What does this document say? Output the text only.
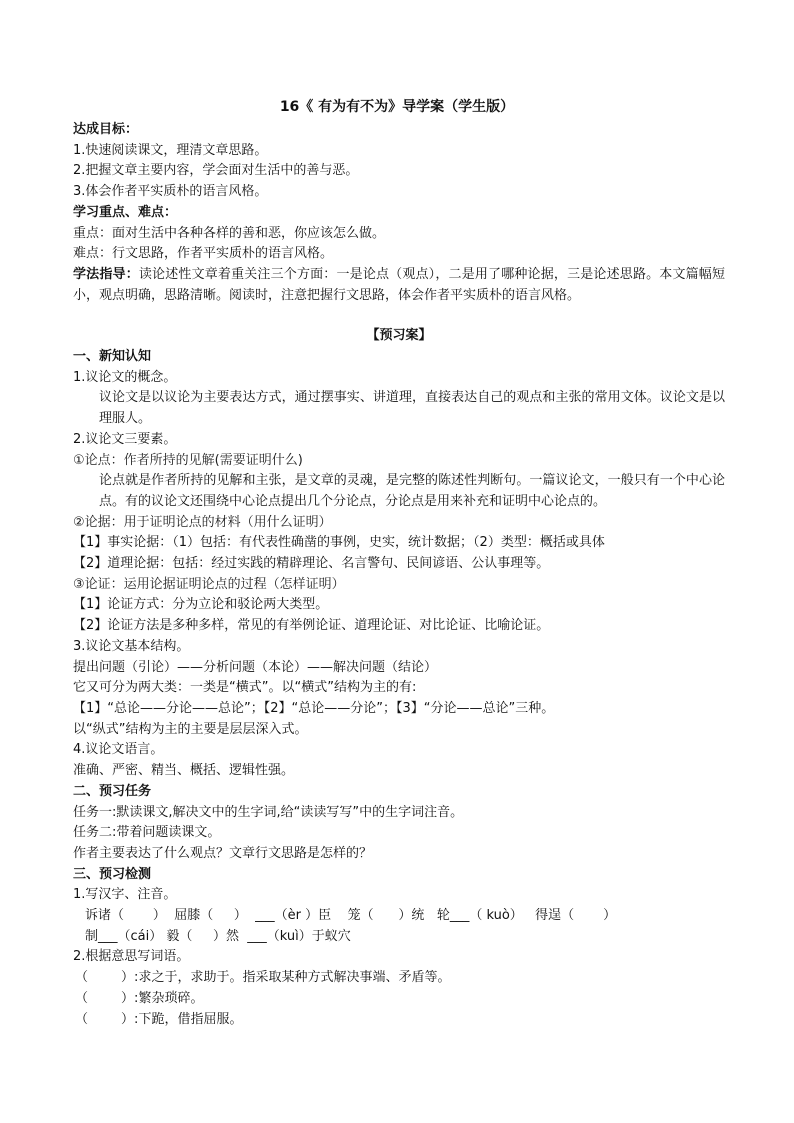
16《 有为有不为》导学案（学生版）
达成目标：
1.快速阅读课文，理清文章思路。
2.把握文章主要内容，学会面对生活中的善与恶。
3.体会作者平实质朴的语言风格。
学习重点、难点：
重点：面对生活中各种各样的善和恶，你应该怎么做。
难点：行文思路，作者平实质朴的语言风格。
学法指导：读论述性文章着重关注三个方面：一是论点（观点），二是用了哪种论据，三是论述思路。本文篇幅短小，观点明确，思路清晰。阅读时，注意把握行文思路，体会作者平实质朴的语言风格。
【预习案】
一、新知认知
1.议论文的概念。
议论文是以议论为主要表达方式，通过摆事实、讲道理，直接表达自己的观点和主张的常用文体。议论文是以理服人。
2.议论文三要素。
①论点：作者所持的见解(需要证明什么)
论点就是作者所持的见解和主张，是文章的灵魂，是完整的陈述性判断句。一篇议论文，一般只有一个中心论点。有的议论文还围绕中心论点提出几个分论点，分论点是用来补充和证明中心论点的。
②论据：用于证明论点的材料（用什么证明）
【1】事实论据：（1）包括：有代表性确凿的事例，史实，统计数据；（2）类型：概括或具体
【2】道理论据：包括：经过实践的精辟理论、名言警句、民间谚语、公认事理等。
③论证：运用论据证明论点的过程（怎样证明）
【1】论证方式：分为立论和驳论两大类型。
【2】论证方法是多种多样，常见的有举例论证、道理论证、对比论证、比喻论证。
3.议论文基本结构。
提出问题（引论）——分析问题（本论）——解决问题（结论）
它又可分为两大类：一类是“横式”。以“横式”结构为主的有:
【1】“总论——分论——总论”；【2】“总论——分论”；【3】“分论——总论”三种。
以“纵式”结构为主的主要是层层深入式。
4.议论文语言。
准确、严密、精当、概括、逻辑性强。
二、预习任务
任务一:默读课文,解决文中的生字词,给“读读写写”中的生字词注音。
任务二:带着问题读课文。
作者主要表达了什么观点？文章行文思路是怎样的？
三、预习检测
1.写汉字、注音。
诉诸（       ）  屈膝（     ）  ___（èr ）臣    笼（      ）统   轮___（ kuò）   得逞（       ）
制___（cái） 毅（     ）然  ___（kuì）于蚁穴
2.根据意思写词语。
（        ）:求之于，求助于。指采取某种方式解决事端、矛盾等。
（        ）:繁杂琐碎。
（        ）:下跪，借指屈服。
